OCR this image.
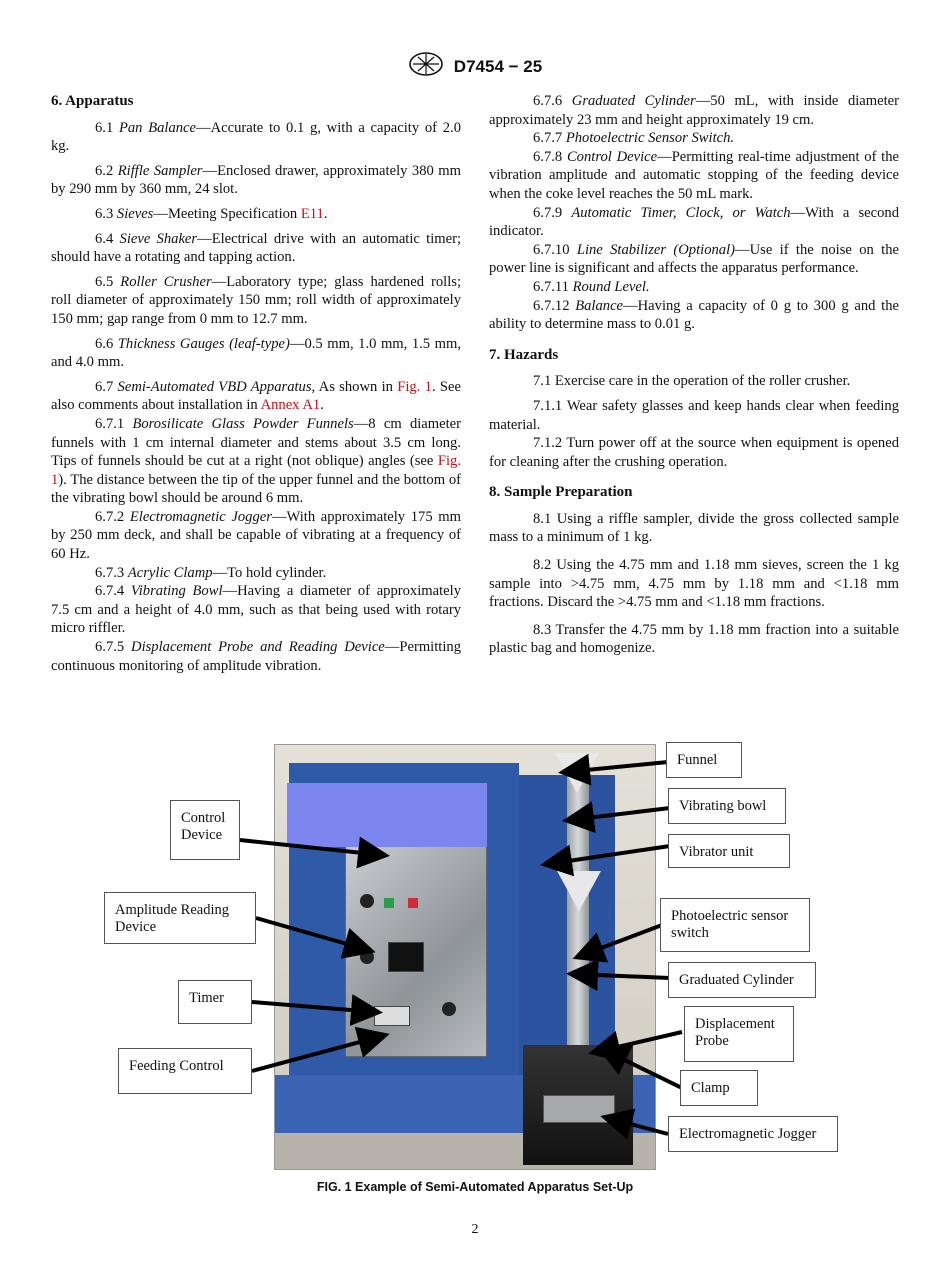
D7454 − 25
6. Apparatus

6.1 Pan Balance—Accurate to 0.1 g, with a capacity of 2.0 kg.

6.2 Riffle Sampler—Enclosed drawer, approximately 380 mm by 290 mm by 360 mm, 24 slot.

6.3 Sieves—Meeting Specification E11.

6.4 Sieve Shaker—Electrical drive with an automatic timer; should have a rotating and tapping action.

6.5 Roller Crusher—Laboratory type; glass hardened rolls; roll diameter of approximately 150 mm; roll width of approximately 150 mm; gap range from 0 mm to 12.7 mm.

6.6 Thickness Gauges (leaf-type)—0.5 mm, 1.0 mm, 1.5 mm, and 4.0 mm.

6.7 Semi-Automated VBD Apparatus, As shown in Fig. 1. See also comments about installation in Annex A1.

6.7.1 Borosilicate Glass Powder Funnels—8 cm diameter funnels with 1 cm internal diameter and stems about 3.5 cm long. Tips of funnels should be cut at a right (not oblique) angles (see Fig. 1). The distance between the tip of the upper funnel and the bottom of the vibrating bowl should be around 6 mm.

6.7.2 Electromagnetic Jogger—With approximately 175 mm by 250 mm deck, and shall be capable of vibrating at a frequency of 60 Hz.

6.7.3 Acrylic Clamp—To hold cylinder.

6.7.4 Vibrating Bowl—Having a diameter of approximately 7.5 cm and a height of 4.0 mm, such as that being used with rotary micro riffler.

6.7.5 Displacement Probe and Reading Device—Permitting continuous monitoring of amplitude vibration.

6.7.6 Graduated Cylinder—50 mL, with inside diameter approximately 23 mm and height approximately 19 cm.

6.7.7 Photoelectric Sensor Switch.

6.7.8 Control Device—Permitting real-time adjustment of the vibration amplitude and automatic stopping of the feeding device when the coke level reaches the 50 mL mark.

6.7.9 Automatic Timer, Clock, or Watch—With a second indicator.

6.7.10 Line Stabilizer (Optional)—Use if the noise on the power line is significant and affects the apparatus performance.

6.7.11 Round Level.

6.7.12 Balance—Having a capacity of 0 g to 300 g and the ability to determine mass to 0.01 g.

7. Hazards

7.1 Exercise care in the operation of the roller crusher.

7.1.1 Wear safety glasses and keep hands clear when feeding material.

7.1.2 Turn power off at the source when equipment is opened for cleaning after the crushing operation.

8. Sample Preparation

8.1 Using a riffle sampler, divide the gross collected sample mass to a minimum of 1 kg.

8.2 Using the 4.75 mm and 1.18 mm sieves, screen the 1 kg sample into >4.75 mm, 4.75 mm by 1.18 mm and <1.18 mm fractions. Discard the >4.75 mm and <1.18 mm fractions.

8.3 Transfer the 4.75 mm by 1.18 mm fraction into a suitable plastic bag and homogenize.

Control Device
Amplitude Reading Device
Timer
Feeding Control
Funnel
Vibrating bowl
Vibrator unit
Photoelectric sensor switch
Graduated Cylinder
Displacement Probe
Clamp
Electromagnetic Jogger
FIG. 1 Example of Semi-Automated Apparatus Set-Up
2
